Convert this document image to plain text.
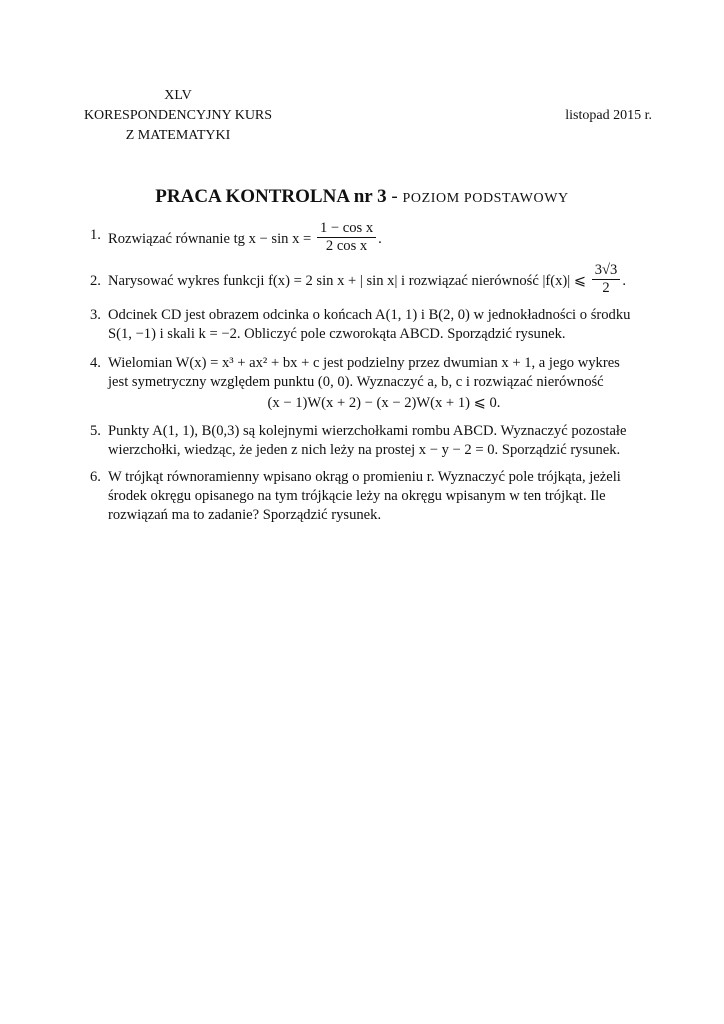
XLV
KORESPONDENCYJNY KURS
Z MATEMATYKI
listopad 2015 r.
PRACA KONTROLNA nr 3 - POZIOM PODSTAWOWY
1. Rozwiązać równanie tg $x - \sin x = \frac{\text{1 − cos x}}{\text{2 cos x}}$ .
2. Narysować wykres funkcji f(x) = 2 sin x + | sin x| i rozwiązać nierówność |f(x)| ⩽ $\frac{3√3}{2}$ .
3. Odcinek CD jest obrazem odcinka o końcach A(1, 1) i B(2, 0) w jednokładności o środku
S(1, −1) i skali k = −2. Obliczyć pole czworokąta ABCD. Sporządzić rysunek.
4. Wielomian W(x) = x³ + ax² + bx + c jest podzielny przez dwumian x + 1, a jego wykres
jest symetryczny względem punktu (0, 0). Wyznaczyć a, b, c i rozwiązać nierówność
(x − 1)W(x + 2) − (x − 2)W(x + 1) ⩽ 0.
5. Punkty A(1, 1), B(0,3) są kolejnymi wierzchołkami rombu ABCD. Wyznaczyć pozostałe
wierzchołki, wiedząc, że jeden z nich leży na prostej x − y − 2 = 0. Sporządzić rysunek.
6. W trójkąt równoramienny wpisano okrąg o promieniu r. Wyznaczyć pole trójkąta, jeżeli
środek okręgu opisanego na tym trójkącie leży na okręgu wpisanym w ten trójkąt. Ile
rozwiązań ma to zadanie? Sporządzić rysunek.
